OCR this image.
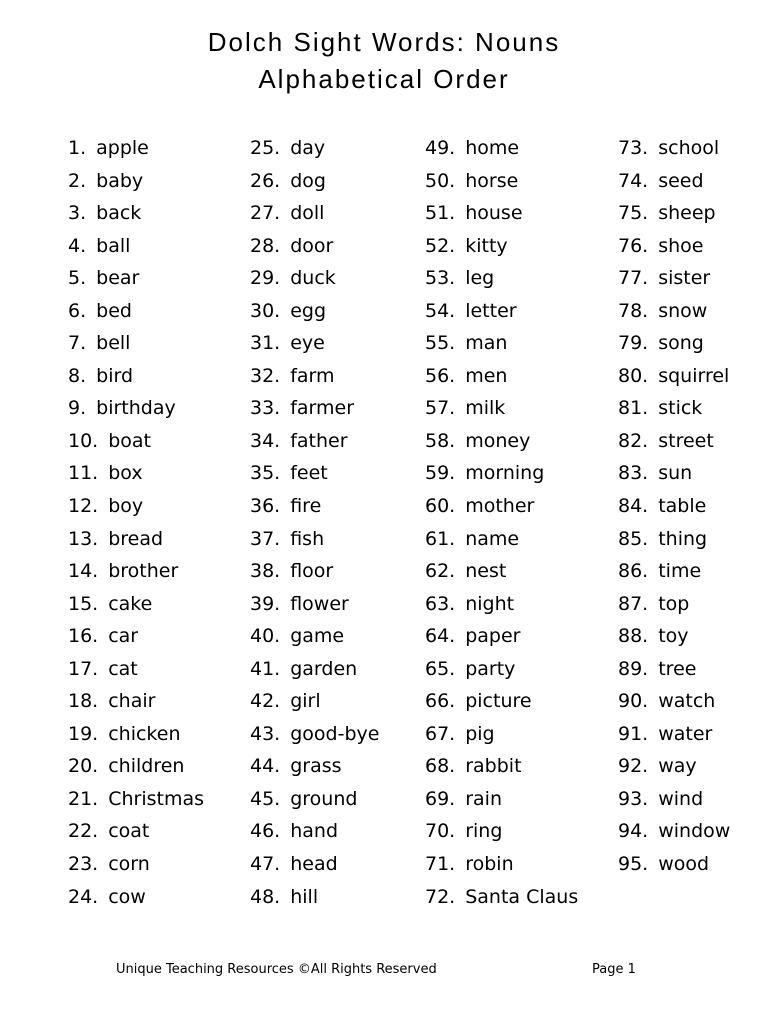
Dolch Sight Words: Nouns
Alphabetical Order
1. apple
2. baby
3. back
4. ball
5. bear
6. bed
7. bell
8. bird
9. birthday
10. boat
11. box
12. boy
13. bread
14. brother
15. cake
16. car
17. cat
18. chair
19. chicken
20. children
21. Christmas
22. coat
23. corn
24. cow
25. day
26. dog
27. doll
28. door
29. duck
30. egg
31. eye
32. farm
33. farmer
34. father
35. feet
36. fire
37. fish
38. floor
39. flower
40. game
41. garden
42. girl
43. good-bye
44. grass
45. ground
46. hand
47. head
48. hill
49. home
50. horse
51. house
52. kitty
53. leg
54. letter
55. man
56. men
57. milk
58. money
59. morning
60. mother
61. name
62. nest
63. night
64. paper
65. party
66. picture
67. pig
68. rabbit
69. rain
70. ring
71. robin
72. Santa Claus
73. school
74. seed
75. sheep
76. shoe
77. sister
78. snow
79. song
80. squirrel
81. stick
82. street
83. sun
84. table
85. thing
86. time
87. top
88. toy
89. tree
90. watch
91. water
92. way
93. wind
94. window
95. wood
Unique Teaching Resources ©All Rights Reserved	Page 1
